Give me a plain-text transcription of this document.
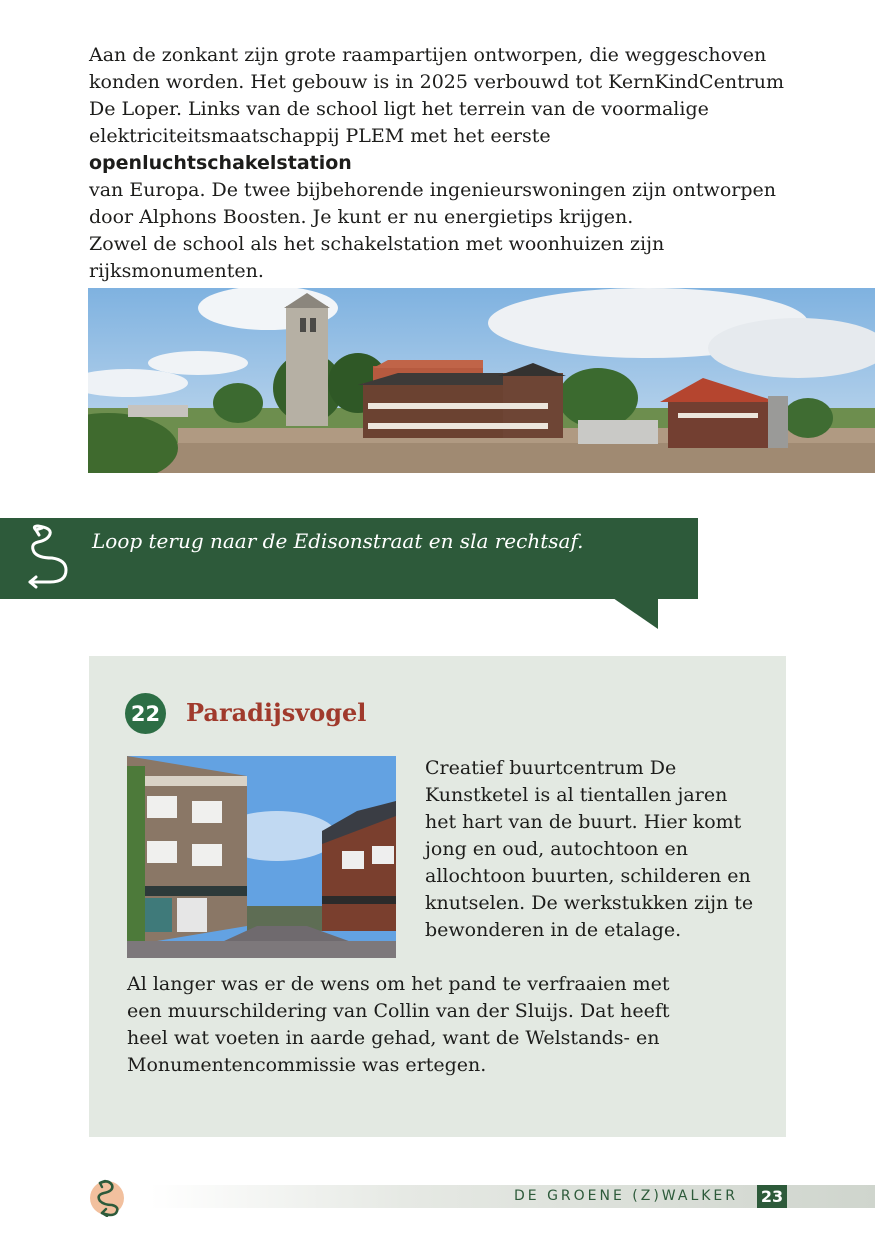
Aan de zonkant zijn grote raampartijen ontworpen, die weggeschoven

konden worden. Het gebouw is in 2025 verbouwd tot KernKindCentrum

De Loper. Links van de school ligt het terrein van de voormalige

elektriciteitsmaatschappij PLEM met het eerste openluchtschakelstation

van Europa. De twee bijbehorende ingenieurswoningen zijn ontworpen

door Alphons Boosten. Je kunt er nu energietips krijgen.

Zowel de school als het schakelstation met woonhuizen zijn

rijksmonumenten.

Loop terug naar de Edisonstraat en sla rechtsaf.
22 Paradijsvogel

Creatief buurtcentrum De

Kunstketel is al tientallen jaren

het hart van de buurt. Hier komt

jong en oud, autochtoon en

allochtoon buurten, schilderen en

knutselen. De werkstukken zijn te

bewonderen in de etalage.

Al langer was er de wens om het pand te verfraaien met

een muurschildering van Collin van der Sluijs. Dat heeft

heel wat voeten in aarde gehad, want de Welstands- en

Monumentencommissie was ertegen.

DE GROENE (Z)WALKER 23
